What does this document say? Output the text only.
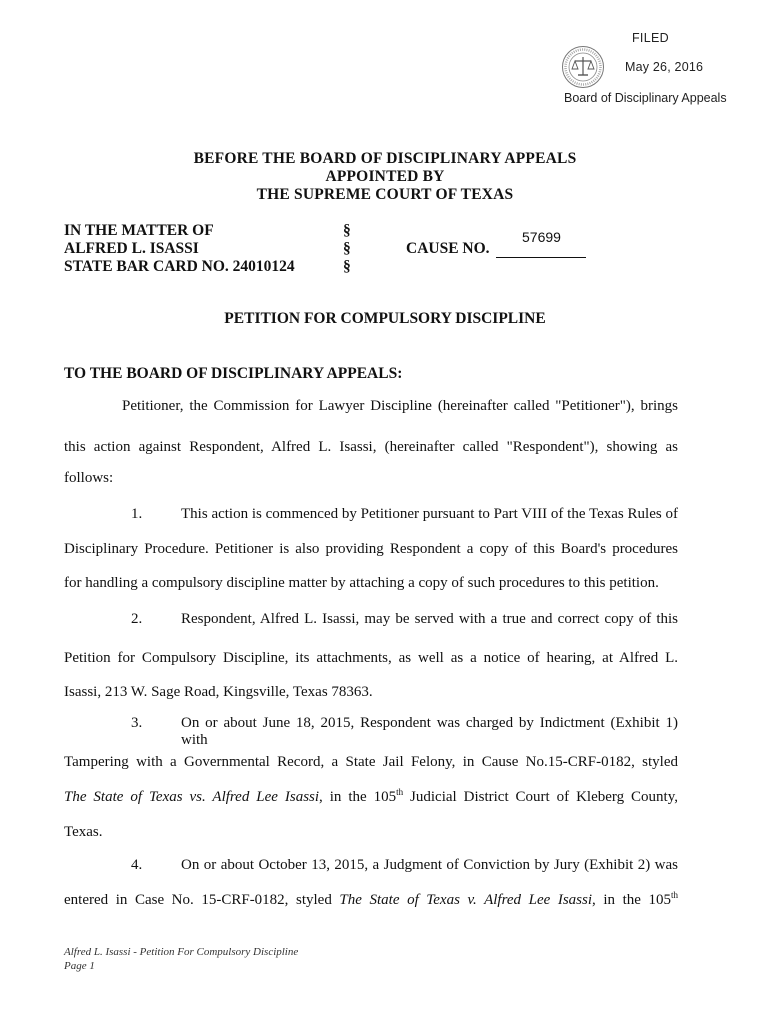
FILED
May 26, 2016
Board of Disciplinary Appeals
BEFORE THE BOARD OF DISCIPLINARY APPEALS
APPOINTED BY
THE SUPREME COURT OF TEXAS
IN THE MATTER OF
ALFRED L. ISASSI
STATE BAR CARD NO. 24010124
§
§
§
CAUSE NO.
57699
PETITION FOR COMPULSORY DISCIPLINE
TO THE BOARD OF DISCIPLINARY APPEALS:
Petitioner, the Commission for Lawyer Discipline (hereinafter called "Petitioner"), brings
this action against Respondent, Alfred L. Isassi, (hereinafter called "Respondent"), showing as
follows:
1.	This action is commenced by Petitioner pursuant to Part VIII of the Texas Rules of
Disciplinary Procedure. Petitioner is also providing Respondent a copy of this Board's procedures
for handling a compulsory discipline matter by attaching a copy of such procedures to this petition.
2.	Respondent, Alfred L. Isassi, may be served with a true and correct copy of this
Petition for Compulsory Discipline, its attachments, as well as a notice of hearing, at Alfred L.
Isassi, 213 W. Sage Road, Kingsville, Texas 78363.
3.	On or about June 18, 2015, Respondent was charged by Indictment (Exhibit 1) with
Tampering with a Governmental Record, a State Jail Felony, in Cause No.15-CRF-0182, styled
The State of Texas vs. Alfred Lee Isassi, in the 105th Judicial District Court of Kleberg County,
Texas.
4.	On or about October 13, 2015, a Judgment of Conviction by Jury (Exhibit 2) was
entered in Case No. 15-CRF-0182, styled The State of Texas v. Alfred Lee Isassi, in the 105th
Alfred L. Isassi - Petition For Compulsory Discipline
Page 1
